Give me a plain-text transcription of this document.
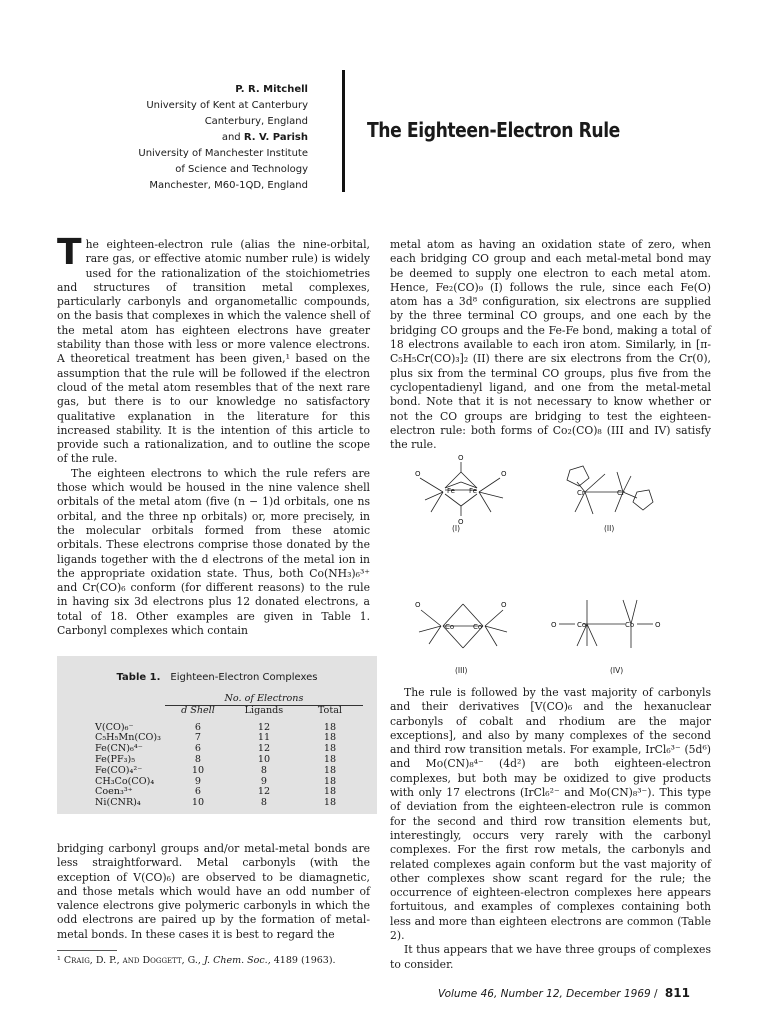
P. R. Mitchell
University of Kent at Canterbury
Canterbury, England
and R. V. Parish
University of Manchester Institute
of Science and Technology
Manchester, M60-1QD, England
The Eighteen-Electron Rule

The eighteen-electron rule (alias the nine-orbital, rare gas, or effective atomic number rule) is widely used for the rationalization of the stoichiometries and structures of transition metal complexes, particularly carbonyls and organometallic compounds, on the basis that complexes in which the valence shell of the metal atom has eighteen electrons have greater stability than those with less or more valence electrons. A theoretical treatment has been given,¹ based on the assumption that the rule will be followed if the electron cloud of the metal atom resembles that of the next rare gas, but there is to our knowledge no satisfactory qualitative explanation in the literature for this increased stability. It is the intention of this article to provide such a rationalization, and to outline the scope of the rule.

The eighteen electrons to which the rule refers are those which would be housed in the nine valence shell orbitals of the metal atom (five (n − 1)d orbitals, one ns orbital, and the three np orbitals) or, more precisely, in the molecular orbitals formed from these atomic orbitals. These electrons comprise those donated by the ligands together with the d electrons of the metal ion in the appropriate oxidation state. Thus, both Co(NH₃)₆³⁺ and Cr(CO)₆ conform (for different reasons) to the rule in having six 3d electrons plus 12 donated electrons, a total of 18. Other examples are given in Table 1. Carbonyl complexes which contain

Table 1. Eighteen-Electron Complexes
	No. of Electrons		
	d Shell	Ligands	Total
V(CO)₆⁻	6	12	18
C₅H₅Mn(CO)₃	7	11	18
Fe(CN)₆⁴⁻	6	12	18
Fe(PF₃)₅	8	10	18
Fe(CO)₄²⁻	10	8	18
CH₃Co(CO)₄	9	9	18
Coen₃³⁺	6	12	18
Ni(CNR)₄	10	8	18

bridging carbonyl groups and/or metal-metal bonds are less straightforward. Metal carbonyls (with the exception of V(CO)₆) are observed to be diamagnetic, and those metals which would have an odd number of valence electrons give polymeric carbonyls in which the odd electrons are paired up by the formation of metal-metal bonds. In these cases it is best to regard the

¹ Craig, D. P., and Doggett, G., J. Chem. Soc., 4189 (1963).

metal atom as having an oxidation state of zero, when each bridging CO group and each metal-metal bond may be deemed to supply one electron to each metal atom. Hence, Fe₂(CO)₉ (I) follows the rule, since each Fe(O) atom has a 3d⁸ configuration, six electrons are supplied by the three terminal CO groups, and one each by the bridging CO groups and the Fe-Fe bond, making a total of 18 electrons available to each iron atom. Similarly, in [π-C₅H₅Cr(CO)₃]₂ (II) there are six electrons from the Cr(0), plus six from the terminal CO groups, plus five from the cyclopentadienyl ligand, and one from the metal-metal bond. Note that it is not necessary to know whether or not the CO groups are bridging to test the eighteen-electron rule: both forms of Co₂(CO)₈ (III and IV) satisfy the rule.

Fe Fe	Cr	Cr
Co	Co	Co	Co
O
O
O	O
O	O
O	O
(I)	(II)
(III)	(IV)

The rule is followed by the vast majority of carbonyls and their derivatives [V(CO)₆ and the hexanuclear carbonyls of cobalt and rhodium are the major exceptions], and also by many complexes of the second and third row transition metals. For example, IrCl₆³⁻ (5d⁶) and Mo(CN)₈⁴⁻ (4d²) are both eighteen-electron complexes, but both may be oxidized to give products with only 17 electrons (IrCl₆²⁻ and Mo(CN)₈³⁻). This type of deviation from the eighteen-electron rule is common for the second and third row transition elements but, interestingly, occurs very rarely with the carbonyl complexes. For the first row metals, the carbonyls and related complexes again conform but the vast majority of other complexes show scant regard for the rule; the occurrence of eighteen-electron complexes here appears fortuitous, and examples of complexes containing both less and more than eighteen electrons are common (Table 2).

It thus appears that we have three groups of complexes to consider.

Volume 46, Number 12, December 1969 / 811
